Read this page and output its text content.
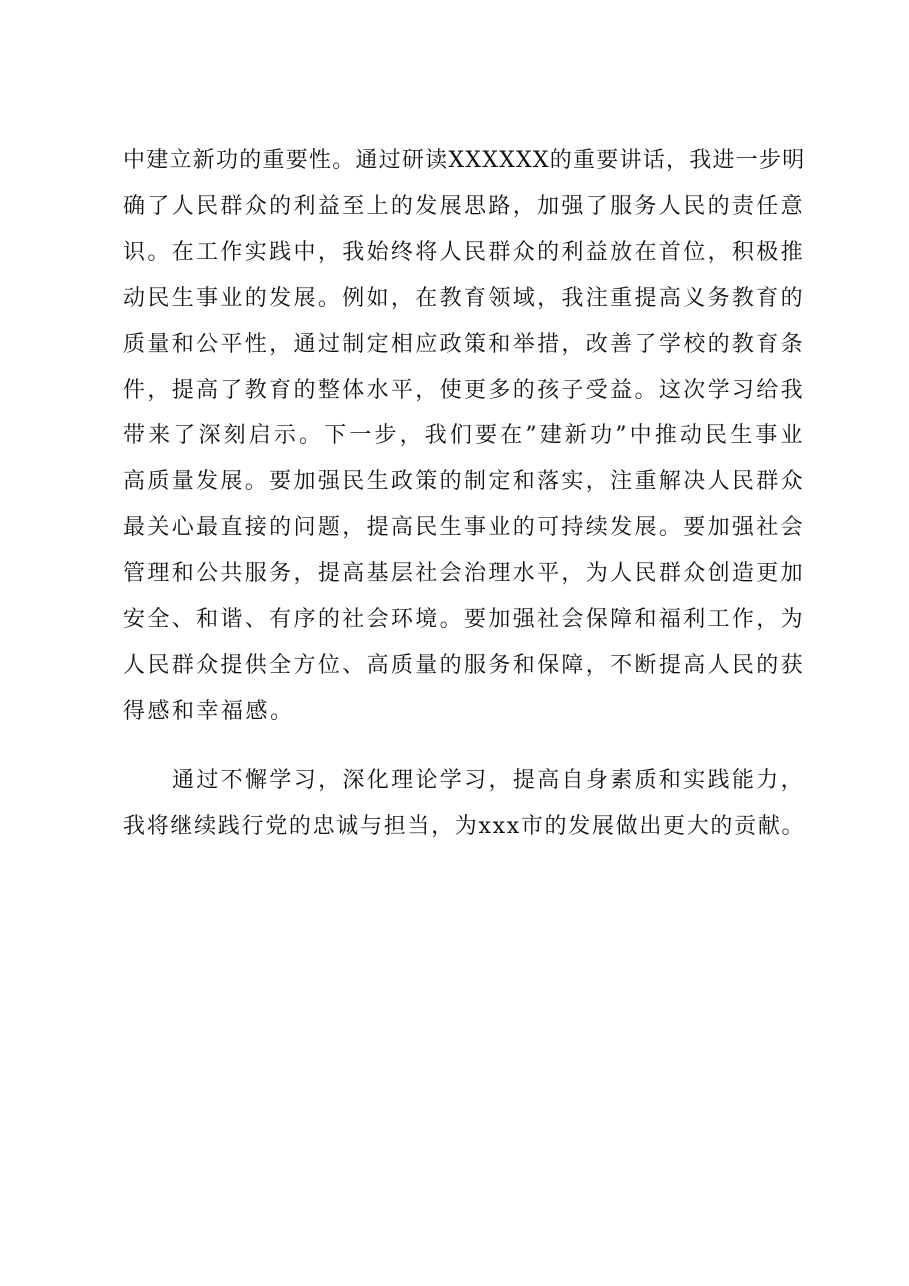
中建立新功的重要性。通过研读XXXXXX的重要讲话，我进一步明
确了人民群众的利益至上的发展思路，加强了服务人民的责任意
识。在工作实践中，我始终将人民群众的利益放在首位，积极推
动民生事业的发展。例如，在教育领域，我注重提高义务教育的
质量和公平性，通过制定相应政策和举措，改善了学校的教育条
件，提高了教育的整体水平，使更多的孩子受益。这次学习给我
带来了深刻启示。下一步，我们要在”建新功”中推动民生事业
高质量发展。要加强民生政策的制定和落实，注重解决人民群众
最关心最直接的问题，提高民生事业的可持续发展。要加强社会
管理和公共服务，提高基层社会治理水平，为人民群众创造更加
安全、和谐、有序的社会环境。要加强社会保障和福利工作，为
人民群众提供全方位、高质量的服务和保障，不断提高人民的获
得感和幸福感。
通过不懈学习，深化理论学习，提高自身素质和实践能力，
我将继续践行党的忠诚与担当，为xxx市的发展做出更大的贡献。
